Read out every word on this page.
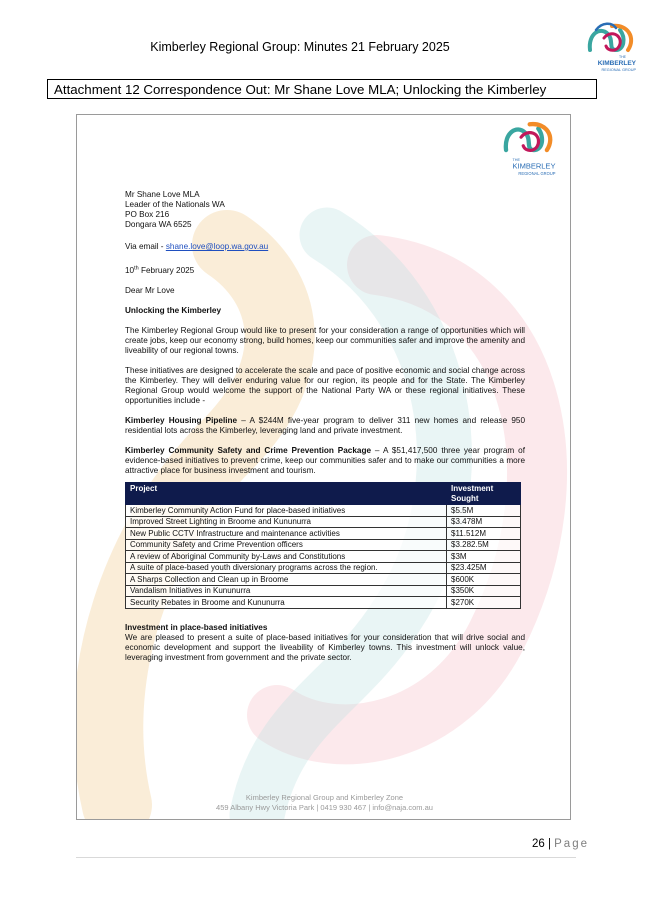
Kimberley Regional Group: Minutes 21 February 2025
THE
KIMBERLEY
REGIONAL GROUP
Attachment 12 Correspondence Out: Mr Shane Love MLA; Unlocking the Kimberley
THE
KIMBERLEY
REGIONAL GROUP
Mr Shane Love MLA
Leader of the Nationals WA
PO Box 216
Dongara WA 6525
Via email - shane.love@loop.wa.gov.au
10th February 2025
Dear Mr Love
Unlocking the Kimberley
The Kimberley Regional Group would like to present for your consideration a range of opportunities which will create jobs, keep our economy strong, build homes, keep our communities safer and improve the amenity and liveability of our regional towns.
These initiatives are designed to accelerate the scale and pace of positive economic and social change across the Kimberley. They will deliver enduring value for our region, its people and for the State. The Kimberley Regional Group would welcome the support of the National Party WA or these regional initiatives. These opportunities include -
Kimberley Housing Pipeline – A $244M five-year program to deliver 311 new homes and release 950 residential lots across the Kimberley, leveraging land and private investment.
Kimberley Community Safety and Crime Prevention Package – A $51,417,500 three year program of evidence-based initiatives to prevent crime, keep our communities safer and to make our communities a more attractive place for business investment and tourism.
Project	Investment Sought
Kimberley Community Action Fund for place-based initiatives	$5.5M
Improved Street Lighting in Broome and Kununurra	$3.478M
New Public CCTV Infrastructure and maintenance activities	$11.512M
Community Safety and Crime Prevention officers	$3.282.5M
A review of Aboriginal Community by-Laws and Constitutions	$3M
A suite of place-based youth diversionary programs across the region.	$23.425M
A Sharps Collection and Clean up in Broome	$600K
Vandalism Initiatives in Kununurra	$350K
Security Rebates in Broome and Kununurra	$270K
Investment in place-based initiatives
We are pleased to present a suite of place-based initiatives for your consideration that will drive social and economic development and support the liveability of Kimberley towns. This investment will unlock value, leveraging investment from government and the private sector.
Kimberley Regional Group and Kimberley Zone
459 Albany Hwy Victoria Park | 0419 930 467 | info@naja.com.au
26 | Page
